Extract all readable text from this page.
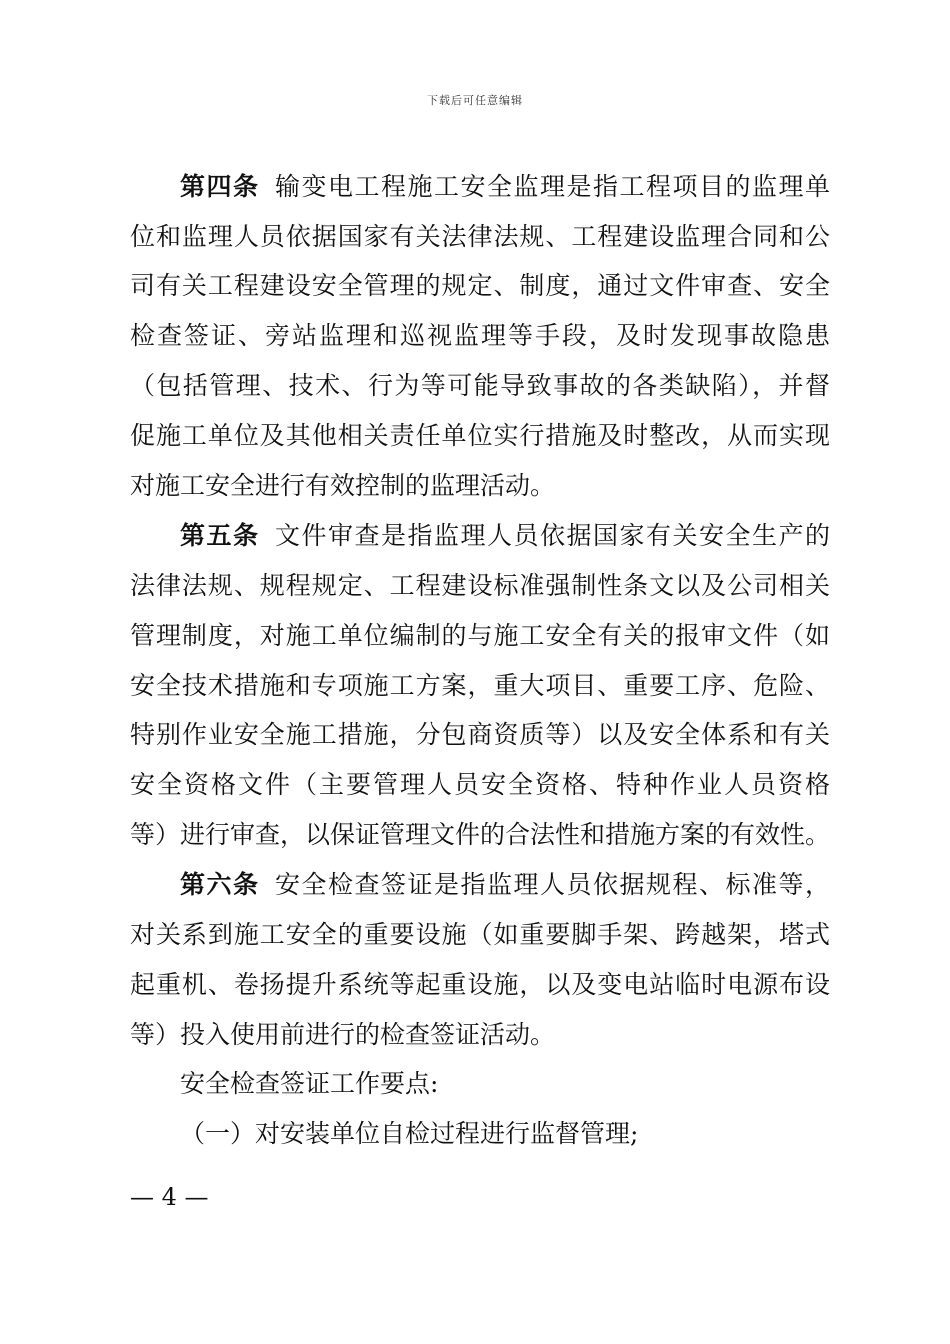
下载后可任意编辑
第四条 输变电工程施工安全监理是指工程项目的监理单
位和监理人员依据国家有关法律法规、工程建设监理合同和公
司有关工程建设安全管理的规定、制度，通过文件审查、安全
检查签证、旁站监理和巡视监理等手段，及时发现事故隐患
（包括管理、技术、行为等可能导致事故的各类缺陷），并督
促施工单位及其他相关责任单位实行措施及时整改，从而实现
对施工安全进行有效控制的监理活动。
第五条 文件审查是指监理人员依据国家有关安全生产的
法律法规、规程规定、工程建设标准强制性条文以及公司相关
管理制度，对施工单位编制的与施工安全有关的报审文件（如
安全技术措施和专项施工方案，重大项目、重要工序、危险、
特别作业安全施工措施，分包商资质等）以及安全体系和有关
安全资格文件（主要管理人员安全资格、特种作业人员资格
等）进行审查，以保证管理文件的合法性和措施方案的有效性。
第六条 安全检查签证是指监理人员依据规程、标准等，
对关系到施工安全的重要设施（如重要脚手架、跨越架，塔式
起重机、卷扬提升系统等起重设施，以及变电站临时电源布设
等）投入使用前进行的检查签证活动。
安全检查签证工作要点:
（一）对安装单位自检过程进行监督管理;
— 4 —
